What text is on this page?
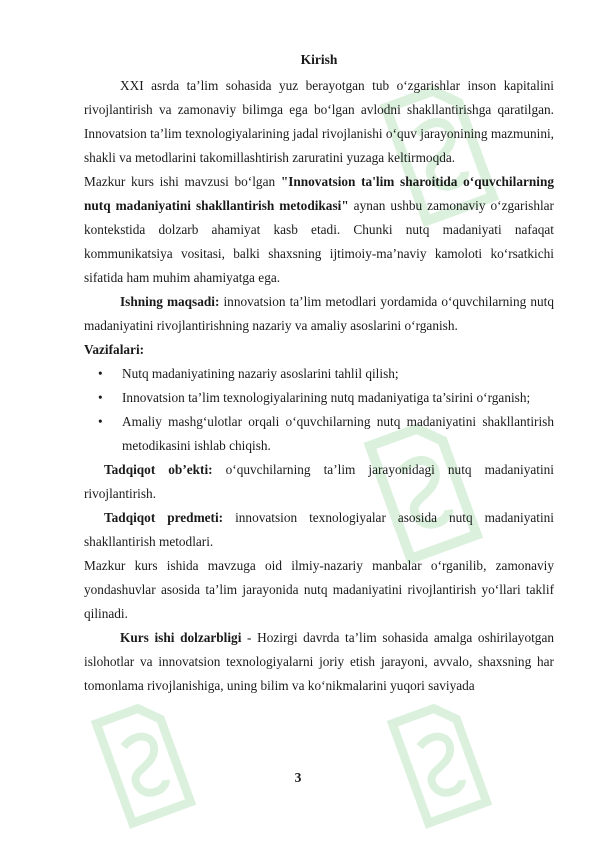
Kirish

XXI asrda ta’lim sohasida yuz berayotgan tub o‘zgarishlar inson kapitalini rivojlantirish va zamonaviy bilimga ega bo‘lgan avlodni shakllantirishga qaratilgan. Innovatsion ta’lim texnologiyalarining jadal rivojlanishi o‘quv jarayonining mazmunini, shakli va metodlarini takomillashtirish zaruratini yuzaga keltirmoqda.

Mazkur kurs ishi mavzusi bo‘lgan "Innovatsion ta'lim sharoitida o‘quvchilarning nutq madaniyatini shakllantirish metodikasi" aynan ushbu zamonaviy o‘zgarishlar kontekstida dolzarb ahamiyat kasb etadi. Chunki nutq madaniyati nafaqat kommunikatsiya vositasi, balki shaxsning ijtimoiy-ma’naviy kamoloti ko‘rsatkichi sifatida ham muhim ahamiyatga ega.

Ishning maqsadi: innovatsion ta’lim metodlari yordamida o‘quvchilarning nutq madaniyatini rivojlantirishning nazariy va amaliy asoslarini o‘rganish.

Vazifalari:

• Nutq madaniyatining nazariy asoslarini tahlil qilish;
• Innovatsion ta’lim texnologiyalarining nutq madaniyatiga ta’sirini o‘rganish;
• Amaliy mashg‘ulotlar orqali o‘quvchilarning nutq madaniyatini shakllantirish metodikasini ishlab chiqish.

Tadqiqot ob’ekti: o‘quvchilarning ta’lim jarayonidagi nutq madaniyatini rivojlantirish.

Tadqiqot predmeti: innovatsion texnologiyalar asosida nutq madaniyatini shakllantirish metodlari.

Mazkur kurs ishida mavzuga oid ilmiy-nazariy manbalar o‘rganilib, zamonaviy yondashuvlar asosida ta’lim jarayonida nutq madaniyatini rivojlantirish yo‘llari taklif qilinadi.

Kurs ishi dolzarbligi - Hozirgi davrda ta’lim sohasida amalga oshirilayotgan islohotlar va innovatsion texnologiyalarni joriy etish jarayoni, avvalo, shaxsning har tomonlama rivojlanishiga, uning bilim va ko‘nikmalarini yuqori saviyada

3
